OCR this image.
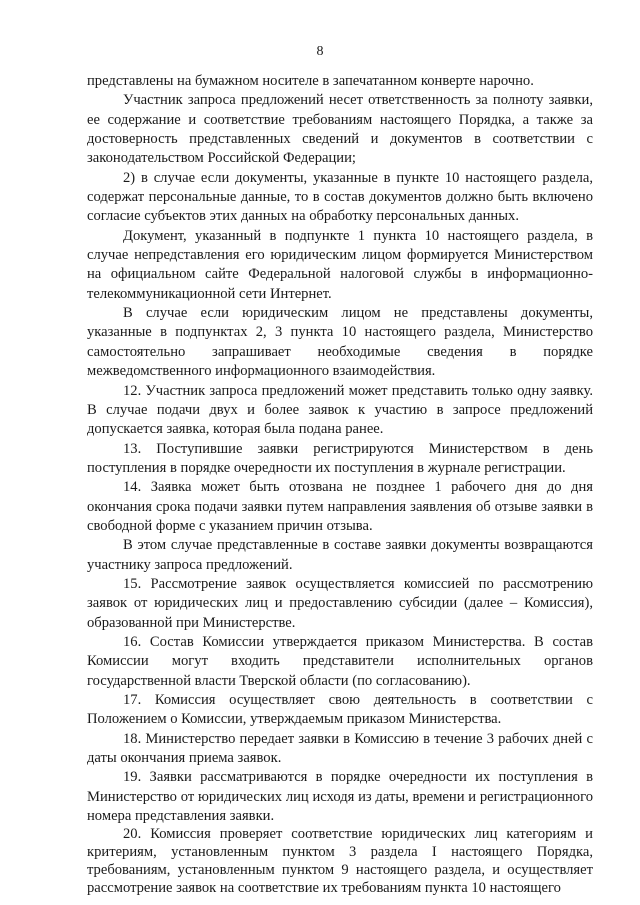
8

представлены на бумажном носителе в запечатанном конверте нарочно.

Участник запроса предложений несет ответственность за полноту заявки, ее содержание и соответствие требованиям настоящего Порядка, а также за достоверность представленных сведений и документов в соответствии с законодательством Российской Федерации;

2) в случае если документы, указанные в пункте 10 настоящего раздела, содержат персональные данные, то в состав документов должно быть включено согласие субъектов этих данных на обработку персональных данных.

Документ, указанный в подпункте 1 пункта 10 настоящего раздела, в случае непредставления его юридическим лицом формируется Министерством на официальном сайте Федеральной налоговой службы в информационно-телекоммуникационной сети Интернет.

В случае если юридическим лицом не представлены документы, указанные в подпунктах 2, 3 пункта 10 настоящего раздела, Министерство самостоятельно запрашивает необходимые сведения в порядке межведомственного информационного взаимодействия.

12. Участник запроса предложений может представить только одну заявку. В случае подачи двух и более заявок к участию в запросе предложений допускается заявка, которая была подана ранее.

13. Поступившие заявки регистрируются Министерством в день поступления в порядке очередности их поступления в журнале регистрации.

14. Заявка может быть отозвана не позднее 1 рабочего дня до дня окончания срока подачи заявки путем направления заявления об отзыве заявки в свободной форме с указанием причин отзыва.

В этом случае представленные в составе заявки документы возвращаются участнику запроса предложений.

15. Рассмотрение заявок осуществляется комиссией по рассмотрению заявок от юридических лиц и предоставлению субсидии (далее – Комиссия), образованной при Министерстве.

16. Состав Комиссии утверждается приказом Министерства. В состав Комиссии могут входить представители исполнительных органов государственной власти Тверской области (по согласованию).

17. Комиссия осуществляет свою деятельность в соответствии с Положением о Комиссии, утверждаемым приказом Министерства.

18. Министерство передает заявки в Комиссию в течение 3 рабочих дней с даты окончания приема заявок.

19. Заявки рассматриваются в порядке очередности их поступления в Министерство от юридических лиц исходя из даты, времени и регистрационного номера представления заявки.

20. Комиссия проверяет соответствие юридических лиц категориям и критериям, установленным пунктом 3 раздела I настоящего Порядка, требованиям, установленным пунктом 9 настоящего раздела, и осуществляет рассмотрение заявок на соответствие их требованиям пункта 10 настоящего
